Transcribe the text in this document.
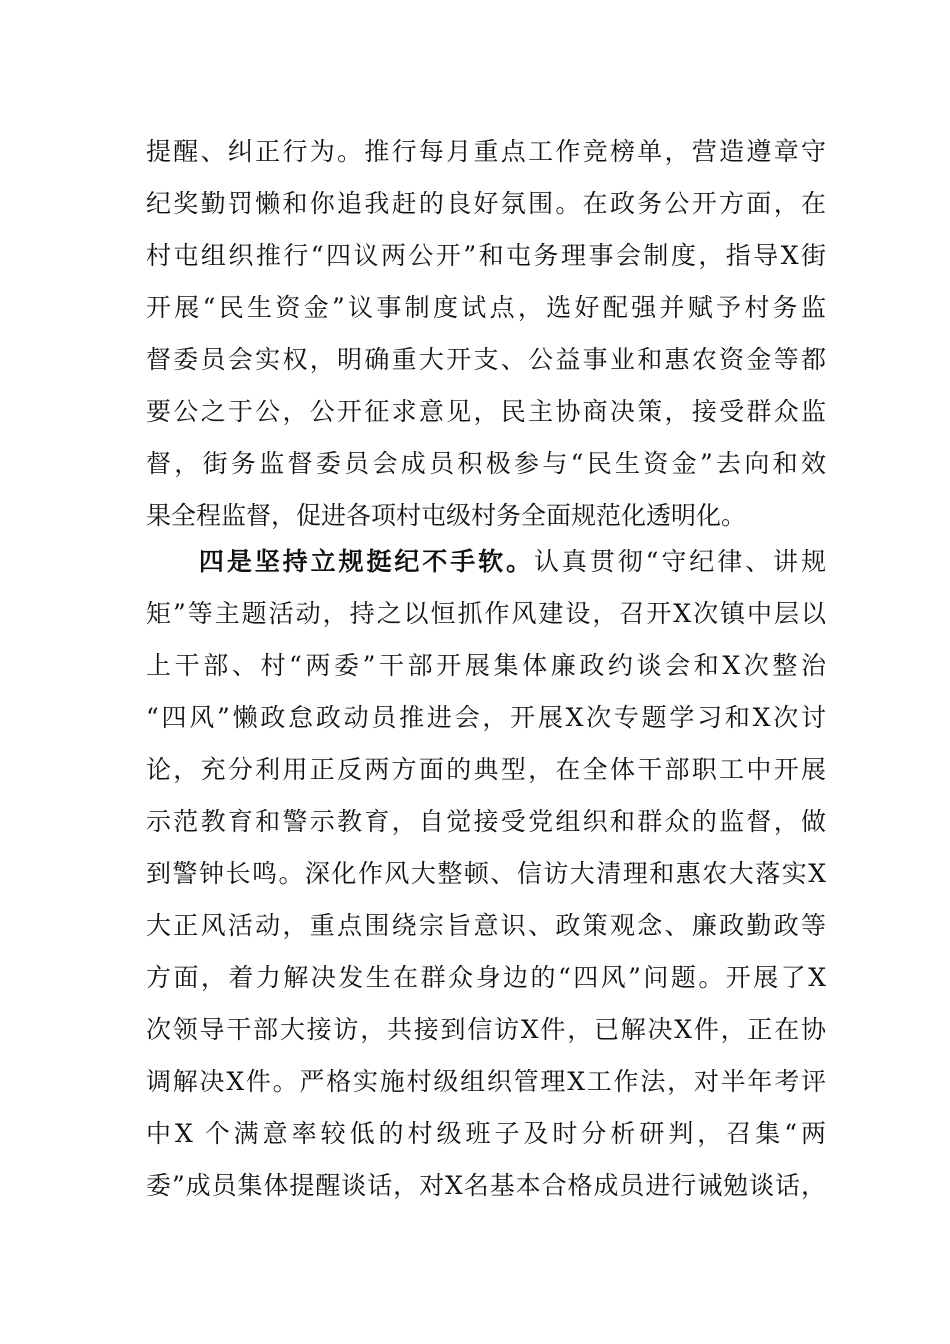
提醒、纠正行为。推行每月重点工作竞榜单，营造遵章守
纪奖勤罚懒和你追我赶的良好氛围。在政务公开方面，在
村屯组织推行“四议两公开”和屯务理事会制度，指导X街
开展“民生资金”议事制度试点，选好配强并赋予村务监
督委员会实权，明确重大开支、公益事业和惠农资金等都
要公之于公，公开征求意见，民主协商决策，接受群众监
督，街务监督委员会成员积极参与“民生资金”去向和效
果全程监督，促进各项村屯级村务全面规范化透明化。
四是坚持立规挺纪不手软。认真贯彻“守纪律、讲规
矩”等主题活动，持之以恒抓作风建设，召开X次镇中层以
上干部、村“两委”干部开展集体廉政约谈会和X次整治
“四风”懒政怠政动员推进会，开展X次专题学习和X次讨
论，充分利用正反两方面的典型，在全体干部职工中开展
示范教育和警示教育，自觉接受党组织和群众的监督，做
到警钟长鸣。深化作风大整顿、信访大清理和惠农大落实X
大正风活动，重点围绕宗旨意识、政策观念、廉政勤政等
方面，着力解决发生在群众身边的“四风”问题。开展了X
次领导干部大接访，共接到信访X件，已解决X件，正在协
调解决X件。严格实施村级组织管理X工作法，对半年考评
中X 个满意率较低的村级班子及时分析研判，召集“两
委”成员集体提醒谈话，对X名基本合格成员进行诫勉谈话，
